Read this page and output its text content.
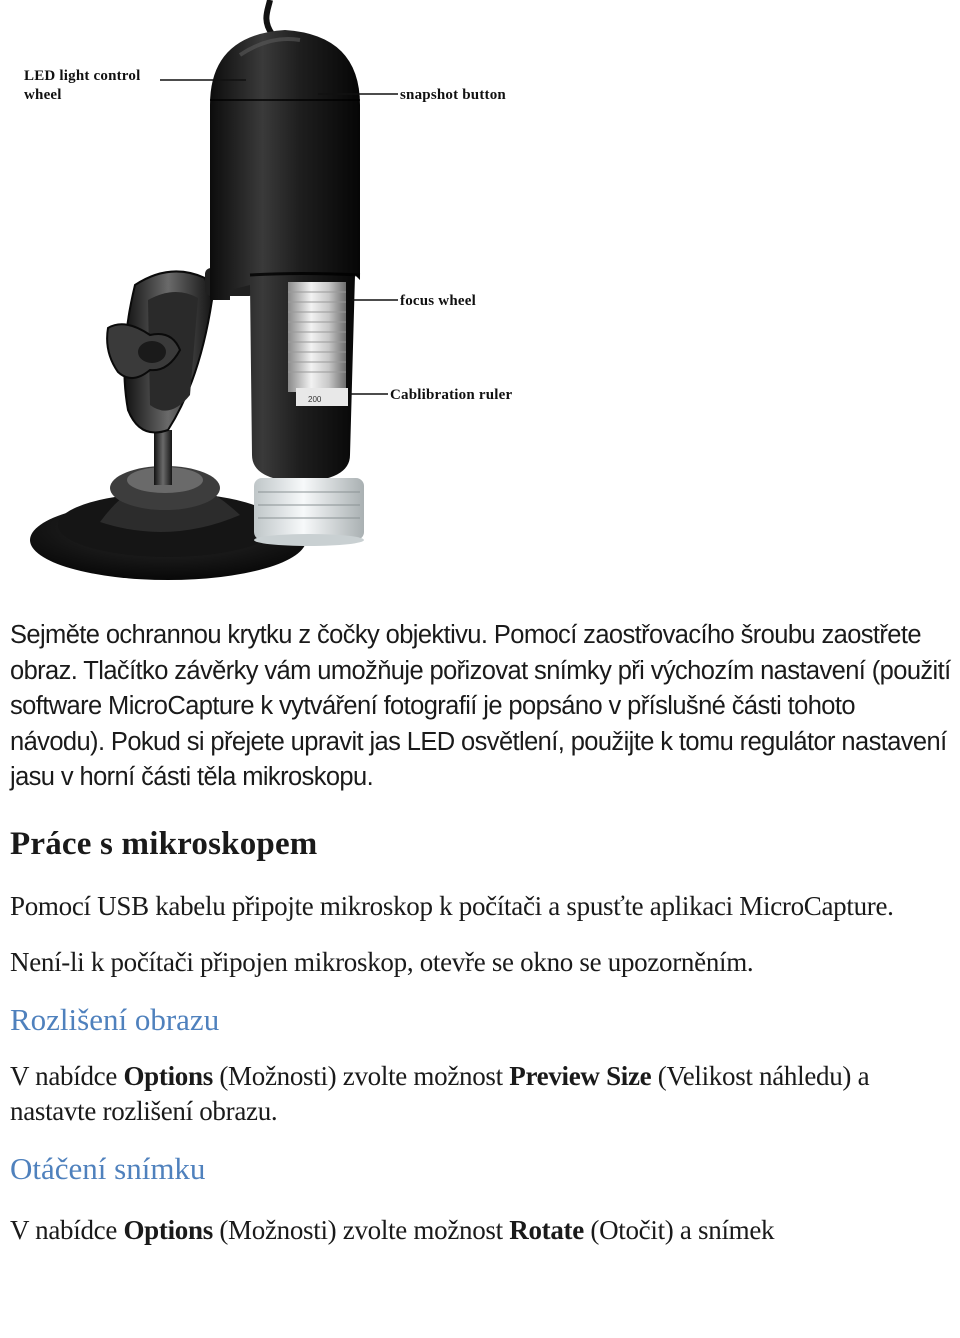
200
LED light control
wheel	snapshot button
focus wheel
Cablibration ruler

Sejměte ochrannou krytku z čočky objektivu. Pomocí zaostřovacího šroubu zaostřete obraz. Tlačítko závěrky vám umožňuje pořizovat snímky při výchozím nastavení (použití software MicroCapture k vytváření fotografií je popsáno v příslušné části tohoto návodu). Pokud si přejete upravit jas LED osvětlení, použijte k tomu regulátor nastavení jasu v horní části těla mikroskopu.

Práce s mikroskopem

Pomocí USB kabelu připojte mikroskop k počítači a spusťte aplikaci MicroCapture.

Není-li k počítači připojen mikroskop, otevře se okno se upozorněním.

Rozlišení obrazu

V nabídce Options (Možnosti) zvolte možnost Preview Size (Velikost náhledu) a nastavte rozlišení obrazu.

Otáčení snímku

V nabídce Options (Možnosti) zvolte možnost Rotate (Otočit) a snímek
